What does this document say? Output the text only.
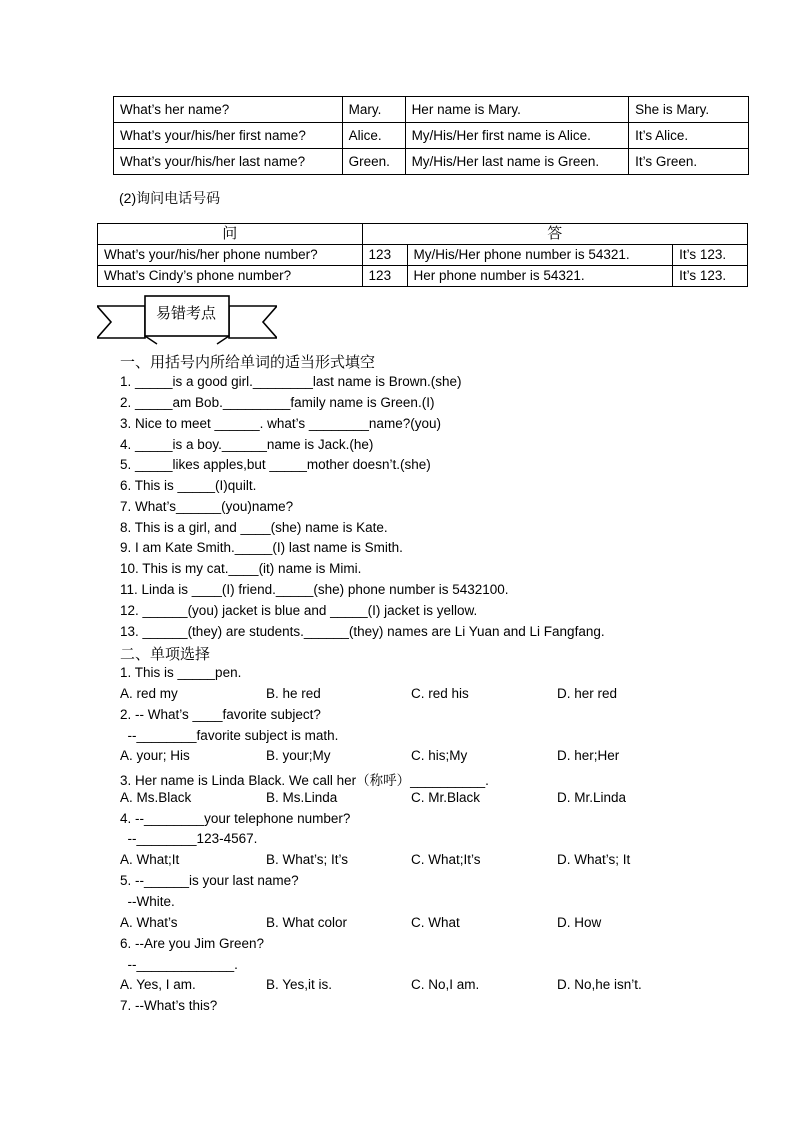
What’s her name?	Mary.	Her name is Mary.	She is Mary.
What’s your/his/her first name?	Alice.	My/His/Her first name is Alice.	It’s Alice.
What’s your/his/her last name?	Green.	My/His/Her last name is Green.	It’s Green.
(2)询问电话号码
问	答		
What’s your/his/her phone number?	123	My/His/Her phone number is 54321.	It’s 123.
What’s Cindy’s phone number?	123	Her phone number is 54321.	It’s 123.
易错考点
一、用括号内所给单词的适当形式填空
1. _____is a good girl.________last name is Brown.(she)
2. _____am Bob._________family name is Green.(I)
3. Nice to meet ______. what’s ________name?(you)
4. _____is a boy.______name is Jack.(he)
5. _____likes apples,but _____mother doesn’t.(she)
6. This is _____(I)quilt.
7. What’s______(you)name?
8. This is a girl, and ____(she) name is Kate.
9. I am Kate Smith._____(I) last name is Smith.
10. This is my cat.____(it) name is Mimi.
11. Linda is ____(I) friend._____(she) phone number is 5432100.
12. ______(you) jacket is blue and _____(I) jacket is yellow.
13. ______(they) are students.______(they) names are Li Yuan and Li Fangfang.
二、单项选择
1. This is _____pen.
A. red my	B. he red	C. red his	D. her red
2. -- What’s ____favorite subject?
--________favorite subject is math.
A. your; His	B. your;My	C. his;My	D. her;Her
3. Her name is Linda Black. We call her（称呼）__________.
A. Ms.Black	B. Ms.Linda	C. Mr.Black	D. Mr.Linda
4. --________your telephone number?
--________123-4567.
A. What;It	B. What’s; It’s	C. What;It’s	D. What’s; It
5. --______is your last name?
--White.
A. What’s	B. What color	C. What	D. How
6. --Are you Jim Green?
--_____________.
A. Yes, I am.	B. Yes,it is.	C. No,I am.	D. No,he isn’t.
7. --What’s this?
